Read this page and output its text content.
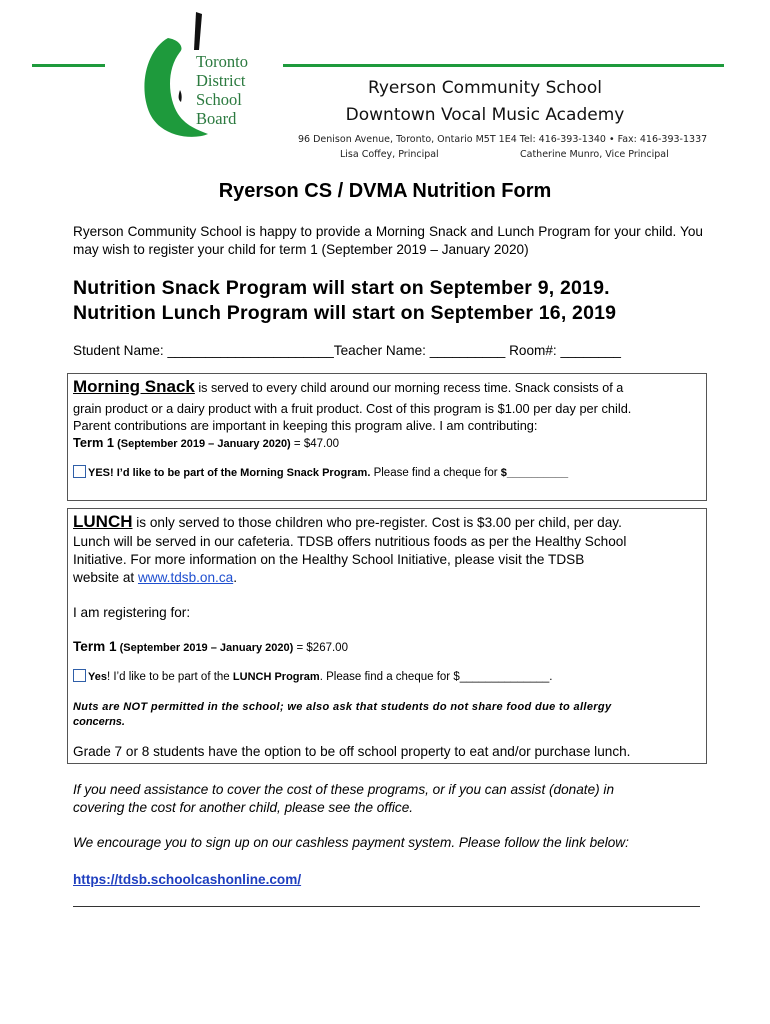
Toronto
District
School
Board
Ryerson Community School
Downtown Vocal Music Academy
96 Denison Avenue, Toronto, Ontario M5T 1E4 Tel: 416-393-1340 • Fax: 416-393-1337
Lisa Coffey, Principal	Catherine Munro, Vice Principal
Ryerson CS / DVMA Nutrition Form
Ryerson Community School is happy to provide a Morning Snack and Lunch Program for your child. You may wish to register your child for term 1 (September 2019 – January 2020)
Nutrition Snack Program will start on September 9, 2019.
Nutrition Lunch Program will start on September 16, 2019
Student Name: ______________________Teacher Name: __________ Room#: ________
Morning Snack is served to every child around our morning recess time. Snack consists of a
grain product or a dairy product with a fruit product. Cost of this program is $1.00 per day per child.
Parent contributions are important in keeping this program alive. I am contributing:
Term 1 (September 2019 – January 2020) = $47.00
YES! I’d like to be part of the Morning Snack Program. Please find a cheque for $__________
LUNCH is only served to those children who pre-register. Cost is $3.00 per child, per day.
Lunch will be served in our cafeteria. TDSB offers nutritious foods as per the Healthy School
Initiative. For more information on the Healthy School Initiative, please visit the TDSB
website at www.tdsb.on.ca.
I am registering for:
Term 1 (September 2019 – January 2020) = $267.00
Yes! I’d like to be part of the LUNCH Program. Please find a cheque for $______________.
Nuts are NOT permitted in the school; we also ask that students do not share food due to allergy
concerns.
Grade 7 or 8 students have the option to be off school property to eat and/or purchase lunch.
If you need assistance to cover the cost of these programs, or if you can assist (donate) in
covering the cost for another child, please see the office.
We encourage you to sign up on our cashless payment system. Please follow the link below:
https://tdsb.schoolcashonline.com/
